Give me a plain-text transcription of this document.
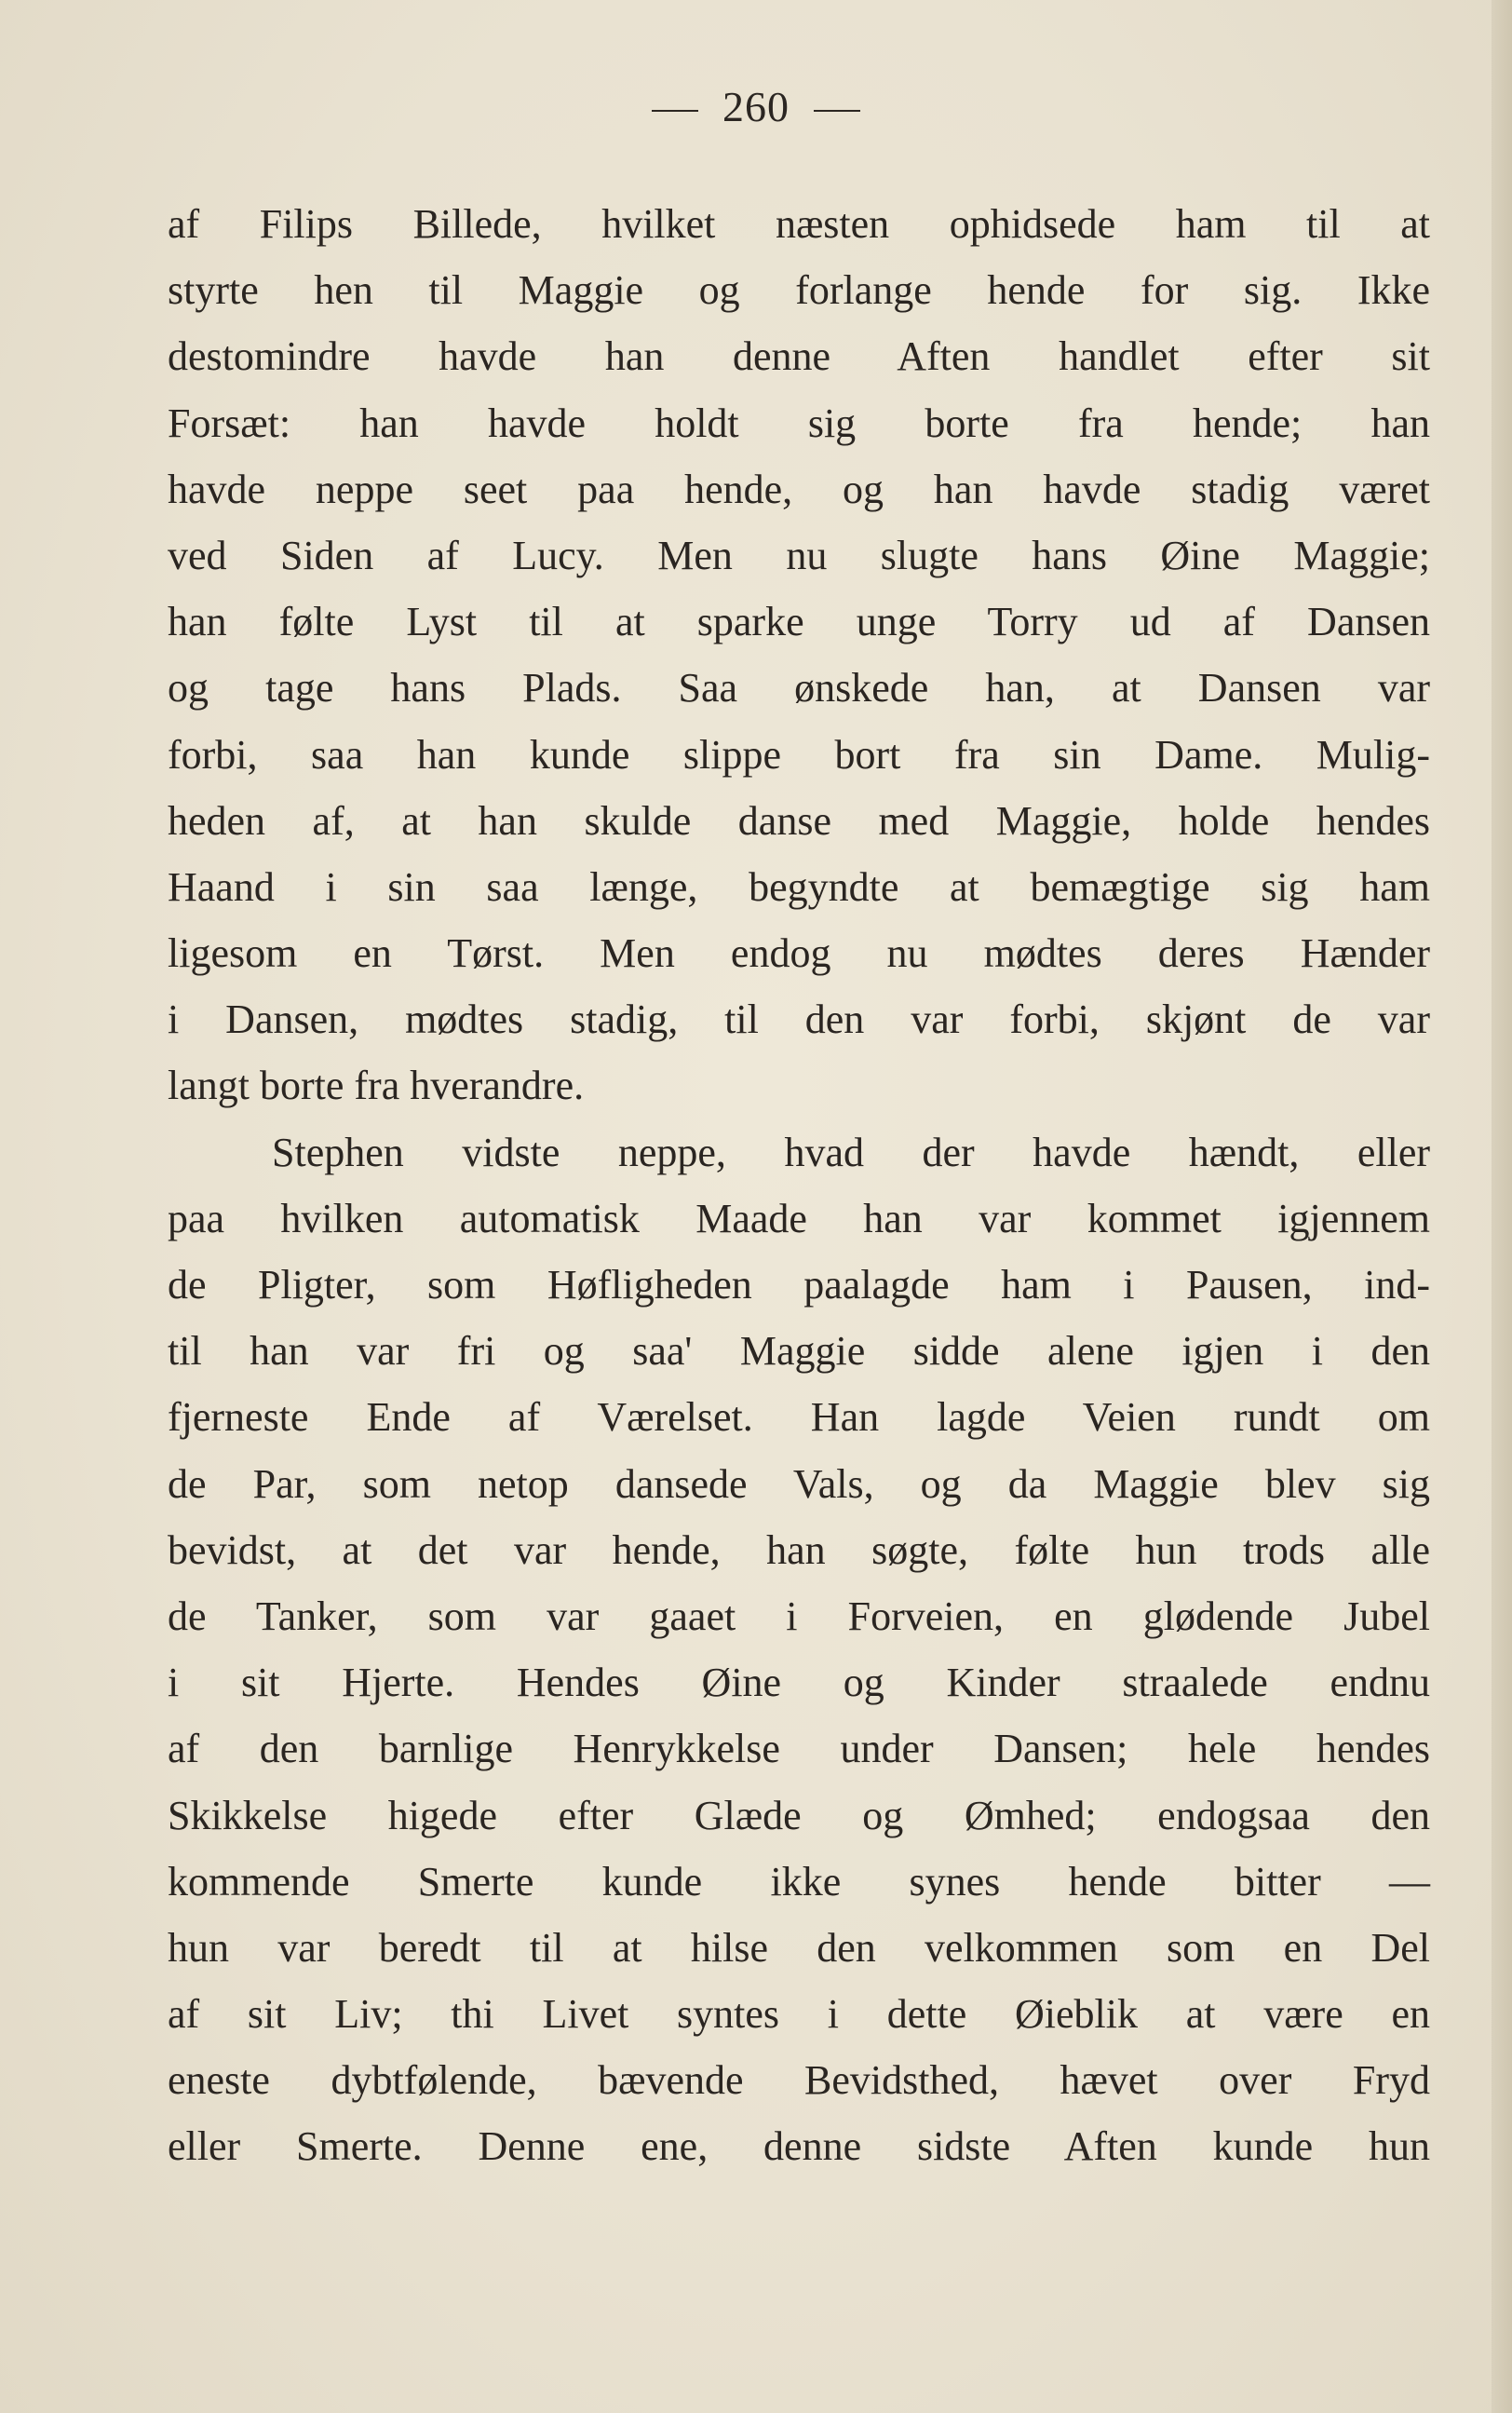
260
af Filips Billede, hvilket næsten ophidsede ham til at
styrte hen til Maggie og forlange hende for sig. Ikke
destomindre havde han denne Aften handlet efter sit
Forsæt: han havde holdt sig borte fra hende; han
havde neppe seet paa hende, og han havde stadig været
ved Siden af Lucy. Men nu slugte hans Øine Maggie;
han følte Lyst til at sparke unge Torry ud af Dansen
og tage hans Plads. Saa ønskede han, at Dansen var
forbi, saa han kunde slippe bort fra sin Dame. Mulig-
heden af, at han skulde danse med Maggie, holde hendes
Haand i sin saa længe, begyndte at bemægtige sig ham
ligesom en Tørst. Men endog nu mødtes deres Hænder
i Dansen, mødtes stadig, til den var forbi, skjønt de var
langt borte fra hverandre.
Stephen vidste neppe, hvad der havde hændt, eller
paa hvilken automatisk Maade han var kommet igjennem
de Pligter, som Høfligheden paalagde ham i Pausen, ind-
til han var fri og saa' Maggie sidde alene igjen i den
fjerneste Ende af Værelset. Han lagde Veien rundt om
de Par, som netop dansede Vals, og da Maggie blev sig
bevidst, at det var hende, han søgte, følte hun trods alle
de Tanker, som var gaaet i Forveien, en glødende Jubel
i sit Hjerte. Hendes Øine og Kinder straalede endnu
af den barnlige Henrykkelse under Dansen; hele hendes
Skikkelse higede efter Glæde og Ømhed; endogsaa den
kommende Smerte kunde ikke synes hende bitter —
hun var beredt til at hilse den velkommen som en Del
af sit Liv; thi Livet syntes i dette Øieblik at være en
eneste dybtfølende, bævende Bevidsthed, hævet over Fryd
eller Smerte. Denne ene, denne sidste Aften kunde hun
